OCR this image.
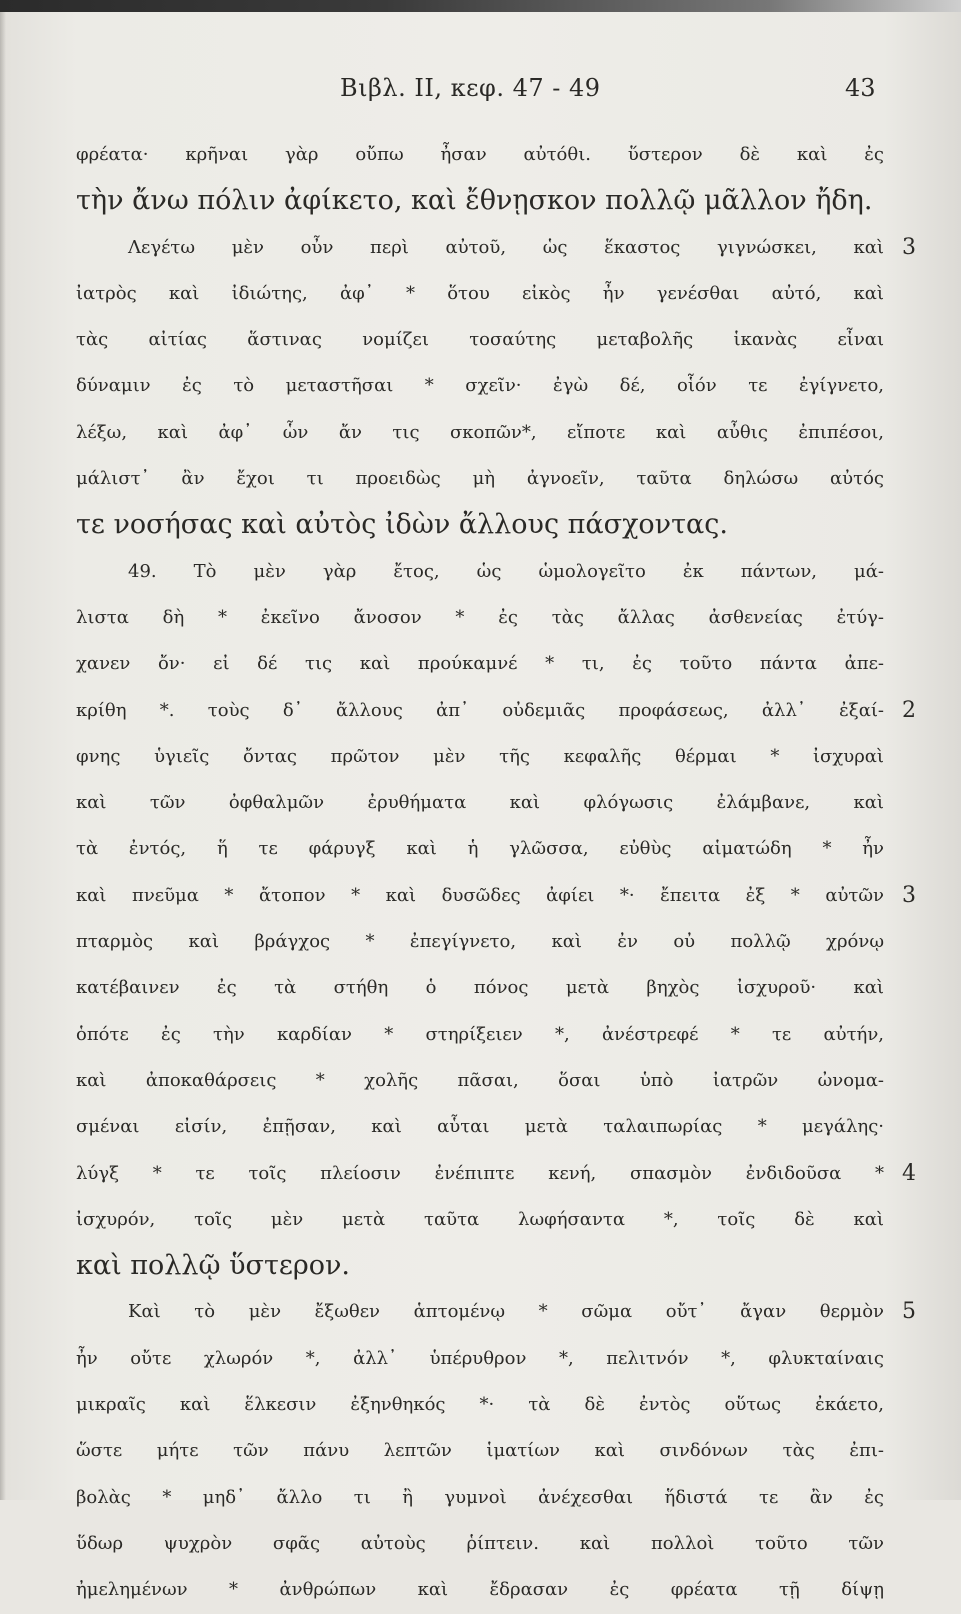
Βιβλ. ΙΙ, κεφ. 47 - 49	43
φρέατα· κρῆναι γὰρ οὔπω ἦσαν αὐτόθι. ὕστερον δὲ καὶ ἐς
τὴν ἄνω πόλιν ἀφίκετο, καὶ ἔθνῃσκον πολλῷ μᾶλλον ἤδη.
Λεγέτω μὲν οὖν περὶ αὐτοῦ, ὡς ἕκαστος γιγνώσκει, καὶ 3
ἰατρὸς καὶ ἰδιώτης, ἀφ᾿ * ὅτου εἰκὸς ἦν γενέσθαι αὐτό, καὶ
τὰς αἰτίας ἅστινας νομίζει τοσαύτης μεταβολῆς ἱκανὰς εἶναι
δύναμιν ἐς τὸ μεταστῆσαι * σχεῖν· ἐγὼ δέ, οἷόν τε ἐγίγνετο,
λέξω, καὶ ἀφ᾿ ὧν ἄν τις σκοπῶν*, εἴποτε καὶ αὖθις ἐπιπέσοι,
μάλιστ᾿ ἂν ἔχοι τι προειδὼς μὴ ἀγνοεῖν, ταῦτα δηλώσω αὐτός
τε νοσήσας καὶ αὐτὸς ἰδὼν ἄλλους πάσχοντας.
49. Τὸ μὲν γὰρ ἔτος, ὡς ὡμολογεῖτο ἐκ πάντων, μά-
λιστα δὴ * ἐκεῖνο ἄνοσον * ἐς τὰς ἄλλας ἀσθενείας ἐτύγ-
χανεν ὄν· εἰ δέ τις καὶ προύκαμνέ * τι, ἐς τοῦτο πάντα ἀπε-
κρίθη *. τοὺς δ᾿ ἄλλους ἀπ᾿ οὐδεμιᾶς προφάσεως, ἀλλ᾿ ἐξαί- 2
φνης ὑγιεῖς ὄντας πρῶτον μὲν τῆς κεφαλῆς θέρμαι * ἰσχυραὶ
καὶ τῶν ὀφθαλμῶν ἐρυθήματα καὶ φλόγωσις ἐλάμβανε, καὶ
τὰ ἐντός, ἥ τε φάρυγξ καὶ ἡ γλῶσσα, εὐθὺς αἱματώδη * ἦν
καὶ πνεῦμα * ἄτοπον * καὶ δυσῶδες ἀφίει *· ἔπειτα ἐξ * αὐτῶν 3
πταρμὸς καὶ βράγχος * ἐπεγίγνετο, καὶ ἐν οὐ πολλῷ χρόνῳ
κατέβαινεν ἐς τὰ στήθη ὁ πόνος μετὰ βηχὸς ἰσχυροῦ· καὶ
ὁπότε ἐς τὴν καρδίαν * στηρίξειεν *, ἀνέστρεφέ * τε αὐτήν,
καὶ ἀποκαθάρσεις * χολῆς πᾶσαι, ὅσαι ὑπὸ ἰατρῶν ὠνομα-
σμέναι εἰσίν, ἐπῇσαν, καὶ αὗται μετὰ ταλαιπωρίας * μεγάλης·
λύγξ * τε τοῖς πλείοσιν ἐνέπιπτε κενή, σπασμὸν ἐνδιδοῦσα * 4
ἰσχυρόν, τοῖς μὲν μετὰ ταῦτα λωφήσαντα *, τοῖς δὲ καὶ
καὶ πολλῷ ὕστερον.
Καὶ τὸ μὲν ἔξωθεν ἁπτομένῳ * σῶμα οὔτ᾿ ἄγαν θερμὸν 5
ἦν οὔτε χλωρόν *, ἀλλ᾿ ὑπέρυθρον *, πελιτνόν *, φλυκταίναις
μικραῖς καὶ ἕλκεσιν ἐξηνθηκός *· τὰ δὲ ἐντὸς οὕτως ἐκάετο,
ὥστε μήτε τῶν πάνυ λεπτῶν ἱματίων καὶ σινδόνων τὰς ἐπι-
βολὰς * μηδ᾿ ἄλλο τι ἢ γυμνοὶ ἀνέχεσθαι ἥδιστά τε ἂν ἐς
ὕδωρ ψυχρὸν σφᾶς αὐτοὺς ῥίπτειν. καὶ πολλοὶ τοῦτο τῶν
ἠμελημένων * ἀνθρώπων καὶ ἔδρασαν ἐς φρέατα τῇ δίψῃ
